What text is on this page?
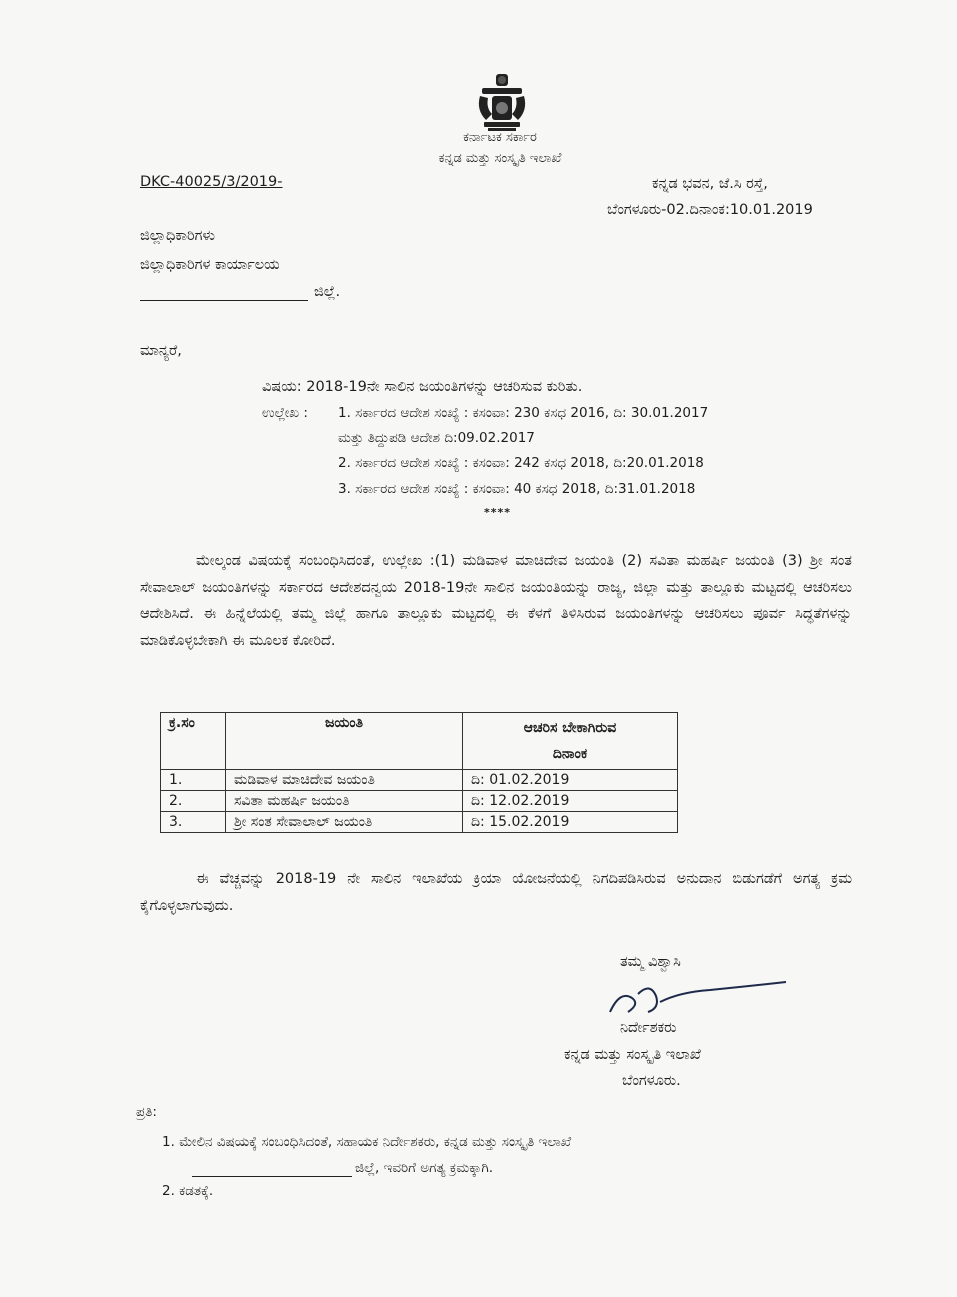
ಕರ್ನಾಟಕ ಸರ್ಕಾರ
ಕನ್ನಡ ಮತ್ತು ಸಂಸ್ಕೃತಿ ಇಲಾಖೆ
DKC-40025/3/2019-	ಕನ್ನಡ ಭವನ, ಜೆ.ಸಿ ರಸ್ತೆ,
ಬೆಂಗಳೂರು-02.ದಿನಾಂಕ:10.01.2019
ಜಿಲ್ಲಾಧಿಕಾರಿಗಳು
ಜಿಲ್ಲಾಧಿಕಾರಿಗಳ ಕಾರ್ಯಾಲಯ
ಜಿಲ್ಲೆ.
ಮಾನ್ಯರೆ,
ವಿಷಯ: 2018-19ನೇ ಸಾಲಿನ ಜಯಂತಿಗಳನ್ನು ಆಚರಿಸುವ ಕುರಿತು.
ಉಲ್ಲೇಖ : 1. ಸರ್ಕಾರದ ಆದೇಶ ಸಂಖ್ಯೆ : ಕಸಂವಾ: 230 ಕಸಧ 2016, ದಿ: 30.01.2017
ಮತ್ತು ತಿದ್ದುಪಡಿ ಆದೇಶ ದಿ:09.02.2017
2. ಸರ್ಕಾರದ ಆದೇಶ ಸಂಖ್ಯೆ : ಕಸಂವಾ: 242 ಕಸಧ 2018, ದಿ:20.01.2018
3. ಸರ್ಕಾರದ ಆದೇಶ ಸಂಖ್ಯೆ : ಕಸಂವಾ: 40 ಕಸಧ 2018, ದಿ:31.01.2018
****
ಮೇಲ್ಕಂಡ ವಿಷಯಕ್ಕೆ ಸಂಬಂಧಿಸಿದಂತೆ, ಉಲ್ಲೇಖ :(1) ಮಡಿವಾಳ ಮಾಚಿದೇವ ಜಯಂತಿ (2) ಸವಿತಾ ಮಹರ್ಷಿ ಜಯಂತಿ (3) ಶ್ರೀ ಸಂತ ಸೇವಾಲಾಲ್ ಜಯಂತಿಗಳನ್ನು ಸರ್ಕಾರದ ಆದೇಶದನ್ವಯ 2018-19ನೇ ಸಾಲಿನ ಜಯಂತಿಯನ್ನು ರಾಜ್ಯ, ಜಿಲ್ಲಾ ಮತ್ತು ತಾಲ್ಲೂಕು ಮಟ್ಟದಲ್ಲಿ ಆಚರಿಸಲು ಆದೇಶಿಸಿದೆ. ಈ ಹಿನ್ನೆಲೆಯಲ್ಲಿ ತಮ್ಮ ಜಿಲ್ಲೆ ಹಾಗೂ ತಾಲ್ಲೂಕು ಮಟ್ಟದಲ್ಲಿ ಈ ಕೆಳಗೆ ತಿಳಿಸಿರುವ ಜಯಂತಿಗಳನ್ನು ಆಚರಿಸಲು ಪೂರ್ವ ಸಿದ್ಧತೆಗಳನ್ನು ಮಾಡಿಕೊಳ್ಳಬೇಕಾಗಿ ಈ ಮೂಲಕ ಕೋರಿದೆ.
ಕ್ರ.ಸಂ	ಜಯಂತಿ	ಆಚರಿಸ ಬೇಕಾಗಿರುವ
ದಿನಾಂಕ
1.	ಮಡಿವಾಳ ಮಾಚಿದೇವ ಜಯಂತಿ	ದಿ: 01.02.2019
2.	ಸವಿತಾ ಮಹರ್ಷಿ ಜಯಂತಿ	ದಿ: 12.02.2019
3.	ಶ್ರೀ ಸಂತ ಸೇವಾಲಾಲ್ ಜಯಂತಿ	ದಿ: 15.02.2019
ಈ ವೆಚ್ಚವನ್ನು 2018-19 ನೇ ಸಾಲಿನ ಇಲಾಖೆಯ ಕ್ರಿಯಾ ಯೋಜನೆಯಲ್ಲಿ ನಿಗದಿಪಡಿಸಿರುವ ಅನುದಾನ ಬಿಡುಗಡೆಗೆ ಅಗತ್ಯ ಕ್ರಮ ಕೈಗೊಳ್ಳಲಾಗುವುದು.
ತಮ್ಮ ವಿಶ್ವಾಸಿ
ನಿರ್ದೇಶಕರು
ಕನ್ನಡ ಮತ್ತು ಸಂಸ್ಕೃತಿ ಇಲಾಖೆ
ಬೆಂಗಳೂರು.
ಪ್ರತಿ:
1. ಮೇಲಿನ ವಿಷಯಕ್ಕೆ ಸಂಬಂಧಿಸಿದಂತೆ, ಸಹಾಯಕ ನಿರ್ದೇಶಕರು, ಕನ್ನಡ ಮತ್ತು ಸಂಸ್ಕೃತಿ ಇಲಾಖೆ
ಜಿಲ್ಲೆ, ಇವರಿಗೆ ಅಗತ್ಯ ಕ್ರಮಕ್ಕಾಗಿ.
2. ಕಡತಕ್ಕೆ.
